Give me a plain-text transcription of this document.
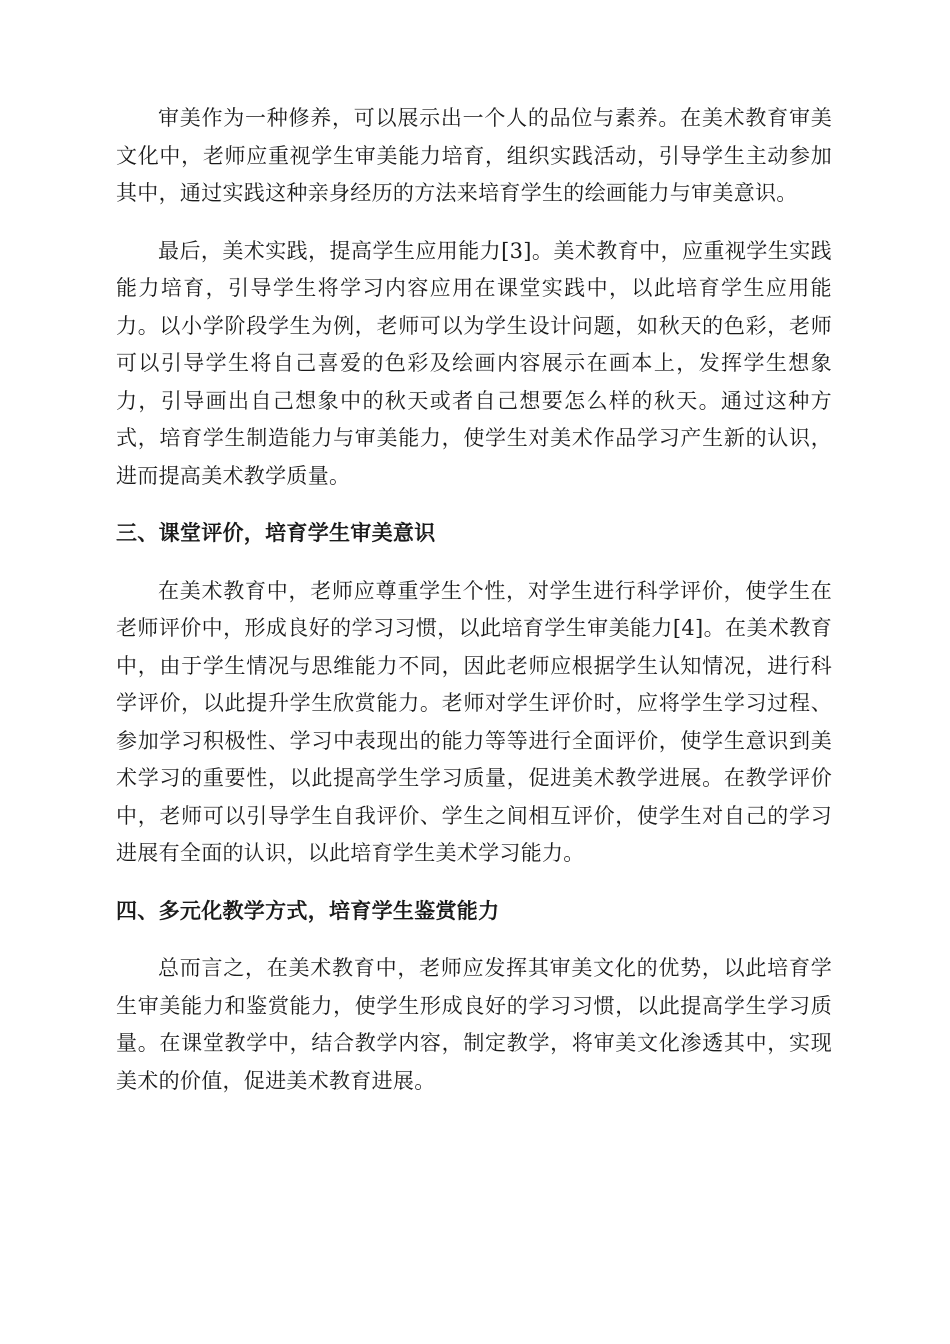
审美作为一种修养，可以展示出一个人的品位与素养。在美术教育审美文化中，老师应重视学生审美能力培育，组织实践活动，引导学生主动参加其中，通过实践这种亲身经历的方法来培育学生的绘画能力与审美意识。

最后，美术实践，提高学生应用能力[3]。美术教育中，应重视学生实践能力培育，引导学生将学习内容应用在课堂实践中，以此培育学生应用能力。以小学阶段学生为例，老师可以为学生设计问题，如秋天的色彩，老师可以引导学生将自己喜爱的色彩及绘画内容展示在画本上，发挥学生想象力，引导画出自己想象中的秋天或者自己想要怎么样的秋天。通过这种方式，培育学生制造能力与审美能力，使学生对美术作品学习产生新的认识，进而提高美术教学质量。

三、课堂评价，培育学生审美意识

在美术教育中，老师应尊重学生个性，对学生进行科学评价，使学生在老师评价中，形成良好的学习习惯，以此培育学生审美能力[4]。在美术教育中，由于学生情况与思维能力不同，因此老师应根据学生认知情况，进行科学评价，以此提升学生欣赏能力。老师对学生评价时，应将学生学习过程、参加学习积极性、学习中表现出的能力等等进行全面评价，使学生意识到美术学习的重要性，以此提高学生学习质量，促进美术教学进展。在教学评价中，老师可以引导学生自我评价、学生之间相互评价，使学生对自己的学习进展有全面的认识，以此培育学生美术学习能力。

四、多元化教学方式，培育学生鉴赏能力

总而言之，在美术教育中，老师应发挥其审美文化的优势，以此培育学生审美能力和鉴赏能力，使学生形成良好的学习习惯，以此提高学生学习质量。在课堂教学中，结合教学内容，制定教学，将审美文化渗透其中，实现美术的价值，促进美术教育进展。
